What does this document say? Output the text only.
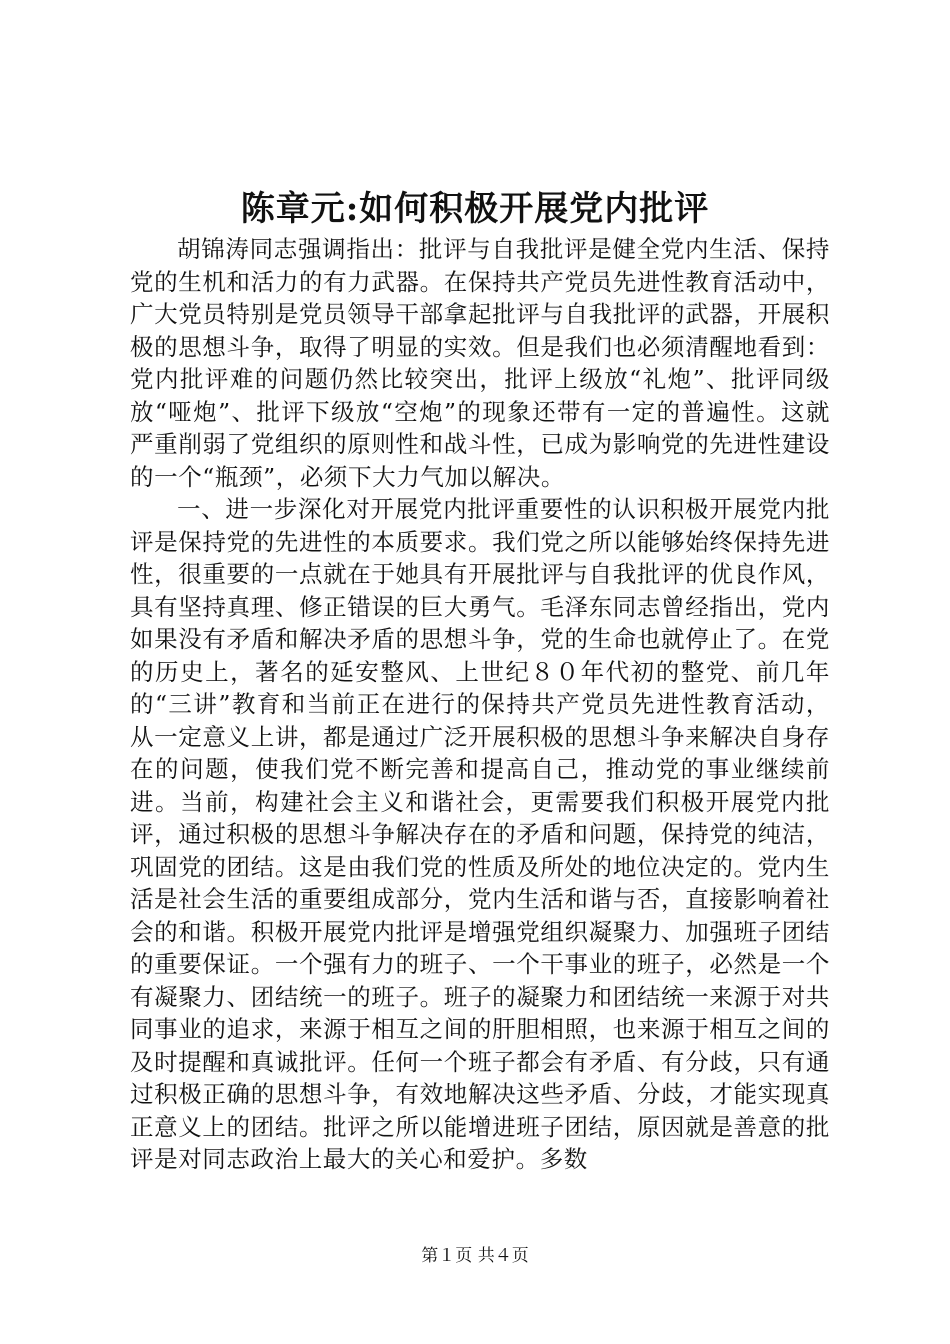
陈章元:如何积极开展党内批评

胡锦涛同志强调指出：批评与自我批评是健全党内生活、保持党的生机和活力的有力武器。在保持共产党员先进性教育活动中，广大党员特别是党员领导干部拿起批评与自我批评的武器，开展积极的思想斗争，取得了明显的实效。但是我们也必须清醒地看到：党内批评难的问题仍然比较突出，批评上级放“礼炮”、批评同级放“哑炮”、批评下级放“空炮”的现象还带有一定的普遍性。这就严重削弱了党组织的原则性和战斗性，已成为影响党的先进性建设的一个“瓶颈”，必须下大力气加以解决。

一、进一步深化对开展党内批评重要性的认识积极开展党内批评是保持党的先进性的本质要求。我们党之所以能够始终保持先进性，很重要的一点就在于她具有开展批评与自我批评的优良作风，具有坚持真理、修正错误的巨大勇气。毛泽东同志曾经指出，党内如果没有矛盾和解决矛盾的思想斗争，党的生命也就停止了。在党的历史上，著名的延安整风、上世纪８０年代初的整党、前几年的“三讲”教育和当前正在进行的保持共产党员先进性教育活动，从一定意义上讲，都是通过广泛开展积极的思想斗争来解决自身存在的问题，使我们党不断完善和提高自己，推动党的事业继续前进。当前，构建社会主义和谐社会，更需要我们积极开展党内批评，通过积极的思想斗争解决存在的矛盾和问题，保持党的纯洁，巩固党的团结。这是由我们党的性质及所处的地位决定的。党内生活是社会生活的重要组成部分，党内生活和谐与否，直接影响着社会的和谐。积极开展党内批评是增强党组织凝聚力、加强班子团结的重要保证。一个强有力的班子、一个干事业的班子，必然是一个有凝聚力、团结统一的班子。班子的凝聚力和团结统一来源于对共同事业的追求，来源于相互之间的肝胆相照，也来源于相互之间的及时提醒和真诚批评。任何一个班子都会有矛盾、有分歧，只有通过积极正确的思想斗争，有效地解决这些矛盾、分歧，才能实现真正意义上的团结。批评之所以能增进班子团结，原因就是善意的批评是对同志政治上最大的关心和爱护。多数

第１页 共４页
